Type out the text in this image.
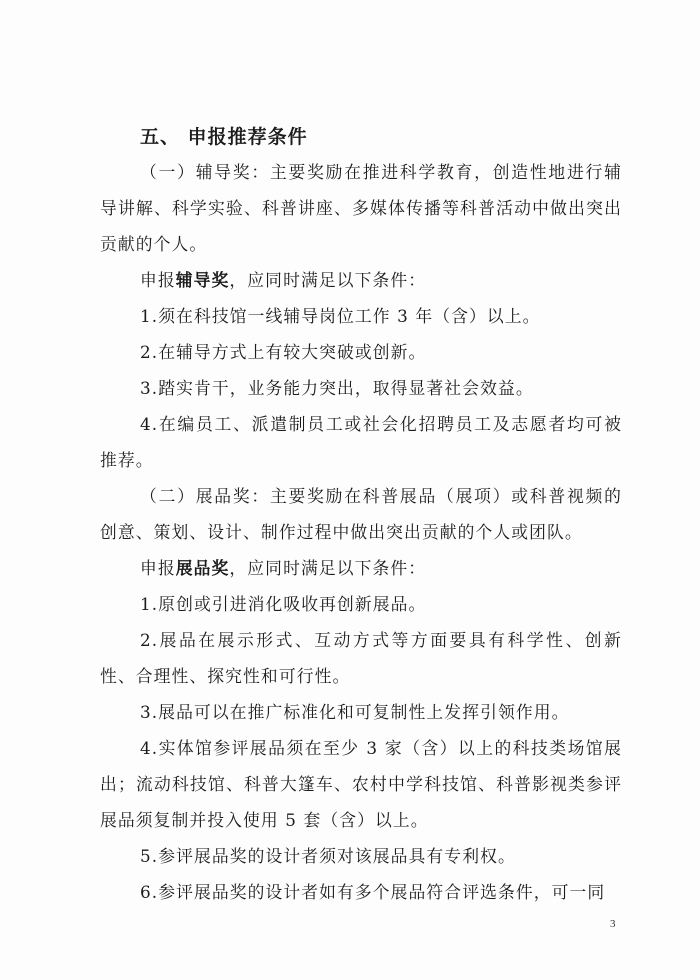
五、 申报推荐条件

（一）辅导奖：主要奖励在推进科学教育，创造性地进行辅导讲解、科学实验、科普讲座、多媒体传播等科普活动中做出突出贡献的个人。

申报辅导奖，应同时满足以下条件：

1.须在科技馆一线辅导岗位工作 3 年（含）以上。

2.在辅导方式上有较大突破或创新。

3.踏实肯干，业务能力突出，取得显著社会效益。

4.在编员工、派遣制员工或社会化招聘员工及志愿者均可被推荐。

（二）展品奖：主要奖励在科普展品（展项）或科普视频的创意、策划、设计、制作过程中做出突出贡献的个人或团队。

申报展品奖，应同时满足以下条件：

1.原创或引进消化吸收再创新展品。

2.展品在展示形式、互动方式等方面要具有科学性、创新性、合理性、探究性和可行性。

3.展品可以在推广标准化和可复制性上发挥引领作用。

4.实体馆参评展品须在至少 3 家（含）以上的科技类场馆展出；流动科技馆、科普大篷车、农村中学科技馆、科普影视类参评展品须复制并投入使用 5 套（含）以上。

5.参评展品奖的设计者须对该展品具有专利权。

6.参评展品奖的设计者如有多个展品符合评选条件，可一同

3
